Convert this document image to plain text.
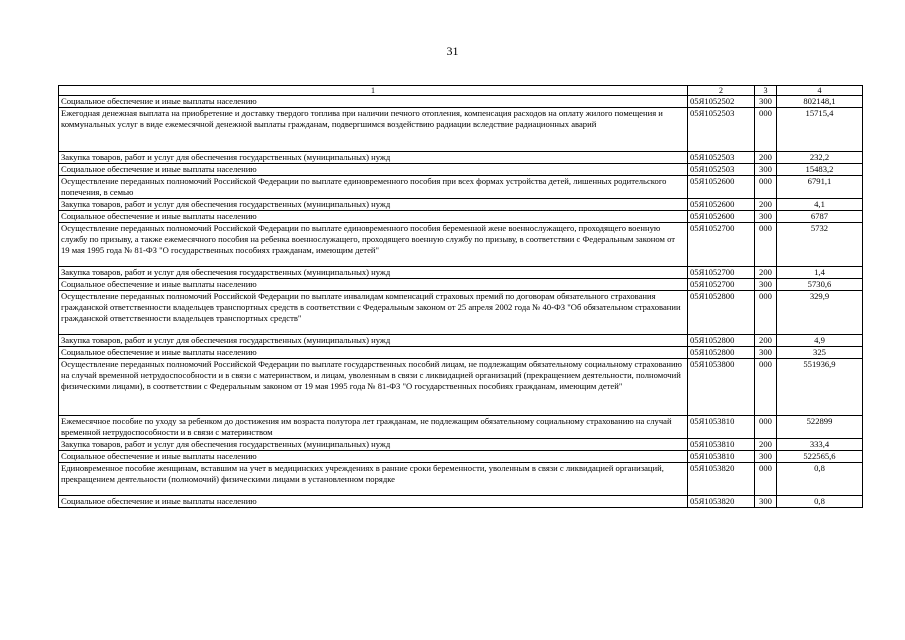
31
1	2	3	4
Социальное обеспечение и иные выплаты населению	05Я1052502	300	802148,1
Ежегодная денежная выплата на приобретение и доставку твердого топлива при наличии печного отопления, компенсация расходов на оплату жилого помещения и коммунальных услуг в виде ежемесячной денежной выплаты гражданам, подвергшимся воздействию радиации вследствие радиационных аварий	05Я1052503	000	15715,4
Закупка товаров, работ и услуг для обеспечения государственных (муниципальных) нужд	05Я1052503	200	232,2
Социальное обеспечение и иные выплаты населению	05Я1052503	300	15483,2
Осуществление переданных полномочий Российской Федерации по выплате единовременного пособия при всех формах устройства детей, лишенных родительского попечения, в семью	05Я1052600	000	6791,1
Закупка товаров, работ и услуг для обеспечения государственных (муниципальных) нужд	05Я1052600	200	4,1
Социальное обеспечение и иные выплаты населению	05Я1052600	300	6787
Осуществление переданных полномочий Российской Федерации по выплате единовременного пособия беременной жене военнослужащего, проходящего военную службу по призыву, а также ежемесячного пособия на ребенка военнослужащего, проходящего военную службу по призыву, в соответствии с Федеральным законом от 19 мая 1995 года № 81-ФЗ "О государственных пособиях гражданам, имеющим детей"	05Я1052700	000	5732
Закупка товаров, работ и услуг для обеспечения государственных (муниципальных) нужд	05Я1052700	200	1,4
Социальное обеспечение и иные выплаты населению	05Я1052700	300	5730,6
Осуществление переданных полномочий Российской Федерации по выплате инвалидам компенсаций страховых премий по договорам обязательного страхования гражданской ответственности владельцев транспортных средств в соответствии с Федеральным законом от 25 апреля 2002 года № 40-ФЗ "Об обязательном страховании гражданской ответственности владельцев транспортных средств"	05Я1052800	000	329,9
Закупка товаров, работ и услуг для обеспечения государственных (муниципальных) нужд	05Я1052800	200	4,9
Социальное обеспечение и иные выплаты населению	05Я1052800	300	325
Осуществление переданных полномочий Российской Федерации по выплате государственных пособий лицам, не подлежащим обязательному социальному страхованию на случай временной нетрудоспособности и в связи с материнством, и лицам, уволенным в связи с ликвидацией организаций (прекращением деятельности, полномочий физическими лицами), в соответствии с Федеральным законом от 19 мая 1995 года № 81-ФЗ "О государственных пособиях гражданам, имеющим детей"	05Я1053800	000	551936,9
Ежемесячное пособие по уходу за ребенком до достижения им возраста полутора лет гражданам, не подлежащим обязательному социальному страхованию на случай временной нетрудоспособности и в связи с материнством	05Я1053810	000	522899
Закупка товаров, работ и услуг для обеспечения государственных (муниципальных) нужд	05Я1053810	200	333,4
Социальное обеспечение и иные выплаты населению	05Я1053810	300	522565,6
Единовременное пособие женщинам, вставшим на учет в медицинских учреждениях в ранние сроки беременности, уволенным в связи с ликвидацией организаций, прекращением деятельности (полномочий) физическими лицами в установленном порядке	05Я1053820	000	0,8
Социальное обеспечение и иные выплаты населению	05Я1053820	300	0,8
